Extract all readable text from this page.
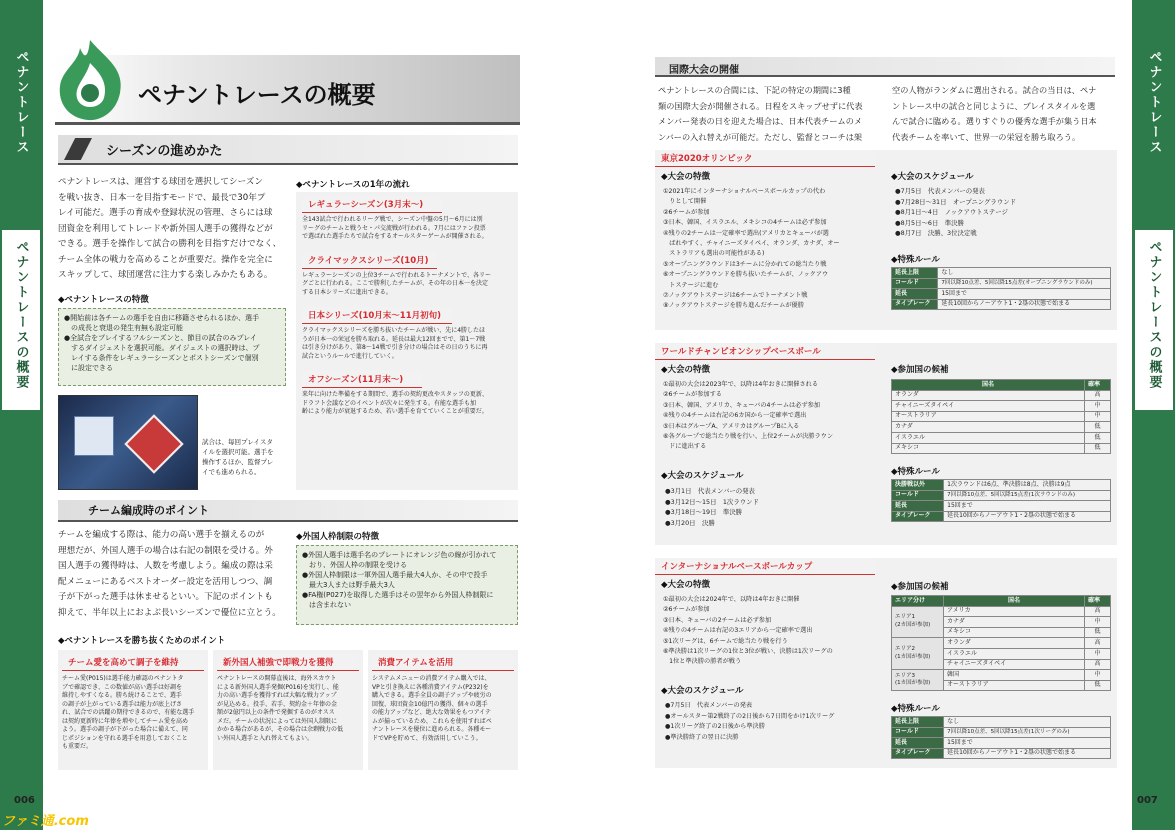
ペナントレース
ペナントレースの概要
006
ペナントレース
ペナントレースの概要
007
ファミ通.com
ペナントレースの概要
シーズンの進めかた
ペナントレースは、運営する球団を選択してシーズン
を戦い抜き、日本一を目指すモードで、最長で30年プ
レイ可能だ。選手の育成や登録状況の管理、さらには球
団資金を利用してトレードや新外国人選手の獲得などが
できる。選手を操作して試合の勝利を目指すだけでなく、
チーム全体の戦力を高めることが重要だ。操作を完全に
スキップして、球団運営に注力する楽しみかたもある。
◆ペナントレースの特徴
●開始前は各チームの選手を自由に移籍させられるほか、選手
　の成長と衰退の発生有無も設定可能
●全試合をプレイするフルシーズンと、節目の試合のみプレイ
　するダイジェストを選択可能。ダイジェストの選択時は、プ
　レイする条件をレギュラーシーズンとポストシーズンで個別
　に設定できる
試合は、毎回プレイスタ
イルを選択可能。選手を
操作するほか、監督プレ
イでも進められる。
◆ペナントレースの1年の流れ
レギュラーシーズン(3月末〜)
全143試合で行われるリーグ戦で、シーズン中盤の5月〜6月には別
リーグのチームと戦うセ・パ交流戦が行われる。7月にはファン投票
で選ばれた選手たちで試合をするオールスターゲームが開催される。
クライマックスシリーズ(10月)
レギュラーシーズンの上位3チームで行われるトーナメントで、各リー
グごとに行われる。ここで勝利したチームが、その年の日本一を決定
する日本シリーズに進出できる。
日本シリーズ(10月末〜11月初旬)
クライマックスシリーズを勝ち抜いたチームが戦い、先に4勝したほ
うが日本一の栄冠を勝ち取れる。延長は最大12回までで、第1〜7戦
は引き分けがあり、第8〜14戦で引き分けの場合はその日のうちに再
試合というルールで進行していく。
オフシーズン(11月末〜)
来年に向けた準備をする期間で、選手の契約更改やスタッフの更新、
ドラフト会議などのイベントが次々に発生する。有能な選手も加
齢により能力が衰退するため、若い選手を育てていくことが重要だ。
チーム編成時のポイント
チームを編成する際は、能力の高い選手を揃えるのが
理想だが、外国人選手の場合は右記の制限を受ける。外
国人選手の獲得時は、人数を考慮しよう。編成の際は采
配メニューにあるベストオーダー設定を活用しつつ、調
子が下がった選手は休ませるといい。下記のポイントも
抑えて、半年以上におよぶ長いシーズンで優位に立とう。
◆外国人枠制限の特徴
●外国人選手は選手名のプレートにオレンジ色の線が引かれて
　おり、外国人枠の制限を受ける
●外国人枠制限は一軍外国人選手最大4人か、その中で投手
　最大3人または野手最大3人
●FA権(P027)を取得した選手はその翌年から外国人枠制限に
　は含まれない
◆ペナントレースを勝ち抜くためのポイント
チーム愛を高めて調子を維持
チーム愛(P015)は選手能力確認のペナントタ
ブで確認でき、この数値が高い選手は好調を
維持しやすくなる。勝ち続けることで、選手
の調子が上がっている選手は能力が底上げさ
れ、試合での活躍の期待できるので、有能な選手
は契約更新時に年俸を増やしてチーム愛を高め
よう。選手の調子が下がった場合に備えて、同
じポジションを守れる選手を用意しておくこと
も重要だ。
新外国人補強で即戦力を獲得
ペナントレースの開幕直後は、海外スカウト
による新外国人選手発掘(P016)を実行し、能
力の高い選手を獲得すれば大幅な戦力アップ
が見込める。投手、若手、契約金＋年俸の金
額が2億円以上の条件で発掘するのがオスス
メだ。チームの状況によっては外国人制限に
かかる場合があるが、その場合は余剰戦力の低
い外国人選手と入れ替えてもよい。
消費アイテムを活用
システムメニューの消費アイテム購入では、
VPと引き換えに各種消費アイテム(P232)を
購入できる。選手全員の調子アップや疲労の
回復、球団資金10億円の獲得、個々の選手
の能力アップなど、絶大な効果をもつアイテ
ムが揃っているため、これらを使用すればペ
ナントレースを優位に進められる。各種モー
ドでVPを貯めて、有効活用していこう。
国際大会の開催
ペナントレースの合間には、下記の特定の期間に3種
類の国際大会が開催される。日程をスキップせずに代表
メンバー発表の日を迎えた場合は、日本代表チームのメ
ンバーの入れ替えが可能だ。ただし、監督とコーチは架
空の人物がランダムに選出される。試合の当日は、ペナ
ントレース中の試合と同じように、プレイスタイルを選
んで試合に臨める。選りすぐりの優秀な選手が集う日本
代表チームを率いて、世界一の栄冠を勝ち取ろう。
東京2020オリンピック
◆大会の特徴
①2021年にインターナショナルベースボールカップの代わ
　りとして開催
②6チームが参加
③日本、韓国、イスラエル、メキシコの4チームは必ず参加
④残りの2チームは一定確率で選出(アメリカとキューバが選
　ばれやすく、チャイニーズタイペイ、オランダ、カナダ、オー
　ストラリアも選出の可能性がある)
⑤オープニングラウンドは3チームに分かれての総当たり戦
⑥オープニングラウンドを勝ち抜いたチームが、ノックアウ
　トステージに進む
⑦ノックアウトステージは6チームでトーナメント戦
⑧ノックアウトステージを勝ち進んだチームが優勝
◆大会のスケジュール
●7月5日　代表メンバーの発表
●7月28日〜31日　オープニングラウンド
●8月1日〜4日　ノックアウトステージ
●8月5日〜6日　準決勝
●8月7日　決勝、3位決定戦
◆特殊ルール
延長上限	なし
コールド	7回以降10点差、5回以降15点差(オープニングラウンドのみ)
延長	15回まで
タイブレーク	延長10回からノーアウト1・2塁の状態で始まる
ワールドチャンピオンシップベースボール
◆大会の特徴
①最初の大会は2023年で、以降は4年おきに開催される
②6チームが参加する
③日本、韓国、アメリカ、キューバの4チームは必ず参加
④残りの4チームは右記の6カ国から一定確率で選出
⑤日本はグループA、アメリカはグループBに入る
⑥各グループで総当たり戦を行い、上位2チームが決勝ラウン
　ドに進出する
◆大会のスケジュール
●3月1日　代表メンバーの発表
●3月12日〜15日　1次ラウンド
●3月18日〜19日　準決勝
●3月20日　決勝
◆参加国の候補
国名	確率
オランダ	高
チャイニーズタイペイ	中
オーストラリア	中
カナダ	低
イスラエル	低
メキシコ	低
◆特殊ルール
決勝戦以外	1次ラウンドは6点、準決勝は8点、決勝は9点
コールド	7回以降10点差、5回以降15点差(1次ラウンドのみ)
延長	15回まで
タイブレーク	延長10回からノーアウト1・2塁の状態で始まる
インターナショナルベースボールカップ
◆大会の特徴
①最初の大会は2024年で、以降は4年おきに開催
②6チームが参加
③日本、キューバの2チームは必ず参加
④残りの4チームは右記の3エリアから一定確率で選出
⑤1次リーグは、6チームで総当たり戦を行う
⑥準決勝は1次リーグの1位と3位が戦い、決勝は1次リーグの
　1位と準決勝の勝者が戦う
◆大会のスケジュール
●7月5日　代表メンバーの発表
●オールスター第2戦終了の2日後から7日間をかけ1次リーグ
●1次リーグ終了の2日後から準決勝
●準決勝終了の翌日に決勝
◆参加国の候補
エリア分け	国名	確率
エリア1
(2カ国が参加)	アメリカ	高
	カナダ	中
	メキシコ	低
エリア2
(1カ国が参加)	オランダ	高
	イスラエル	中
	チャイニーズタイペイ	高
エリア3
(1カ国が参加)	韓国	中
	オーストラリア	低
◆特殊ルール
延長上限	なし
コールド	7回以降10点差、5回以降15点差(1次リーグのみ)
延長	15回まで
タイブレーク	延長10回からノーアウト1・2塁の状態で始まる
